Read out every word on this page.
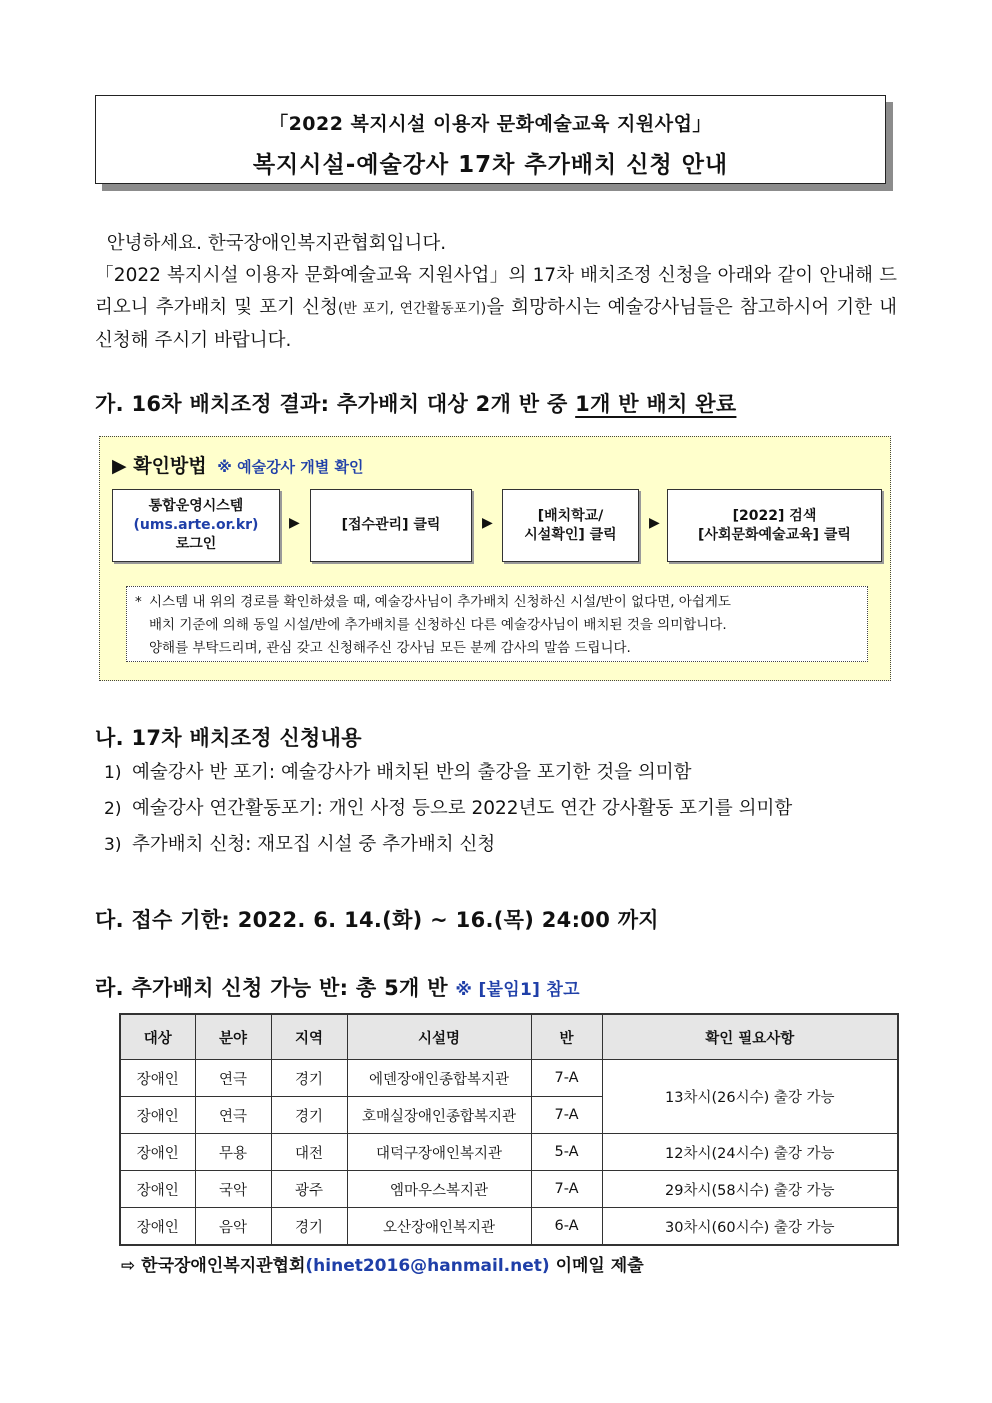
「2022 복지시설 이용자 문화예술교육 지원사업」
복지시설-예술강사 17차 추가배치 신청 안내

안녕하세요. 한국장애인복지관협회입니다.

「2022 복지시설 이용자 문화예술교육 지원사업」의 17차 배치조정 신청을 아래와 같이 안내해 드리오니 추가배치 및 포기 신청(반 포기, 연간활동포기)을 희망하시는 예술강사님들은 참고하시어 기한 내 신청해 주시기 바랍니다.

가. 16차 배치조정 결과: 추가배치 대상 2개 반 중 1개 반 배치 완료
▶ 확인방법 ※ 예술강사 개별 확인
통합운영시스템
(ums.arte.or.kr)
로그인
▶	[접수관리] 클릭	▶	[배치학교/
시설확인] 클릭
▶	[2022] 검색
[사회문화예술교육] 클릭
* 시스템 내 위의 경로를 확인하셨을 때, 예술강사님이 추가배치 신청하신 시설/반이 없다면, 아쉽게도
배치 기준에 의해 동일 시설/반에 추가배치를 신청하신 다른 예술강사님이 배치된 것을 의미합니다.
양해를 부탁드리며, 관심 갖고 신청해주신 강사님 모든 분께 감사의 말씀 드립니다.
나. 17차 배치조정 신청내용
1) 예술강사 반 포기: 예술강사가 배치된 반의 출강을 포기한 것을 의미함
2) 예술강사 연간활동포기: 개인 사정 등으로 2022년도 연간 강사활동 포기를 의미함
3) 추가배치 신청: 재모집 시설 중 추가배치 신청
다. 접수 기한: 2022. 6. 14.(화) ~ 16.(목) 24:00 까지
라. 추가배치 신청 가능 반: 총 5개 반 ※ [붙임1] 참고
대상	분야	지역	시설명	반	확인 필요사항
장애인	연극	경기	에덴장애인종합복지관	7-A	13차시(26시수) 출강 가능
장애인	연극	경기	호매실장애인종합복지관	7-A	
장애인	무용	대전	대덕구장애인복지관	5-A	12차시(24시수) 출강 가능
장애인	국악	광주	엠마우스복지관	7-A	29차시(58시수) 출강 가능
장애인	음악	경기	오산장애인복지관	6-A	30차시(60시수) 출강 가능
⇨ 한국장애인복지관협회(hinet2016@hanmail.net) 이메일 제출
